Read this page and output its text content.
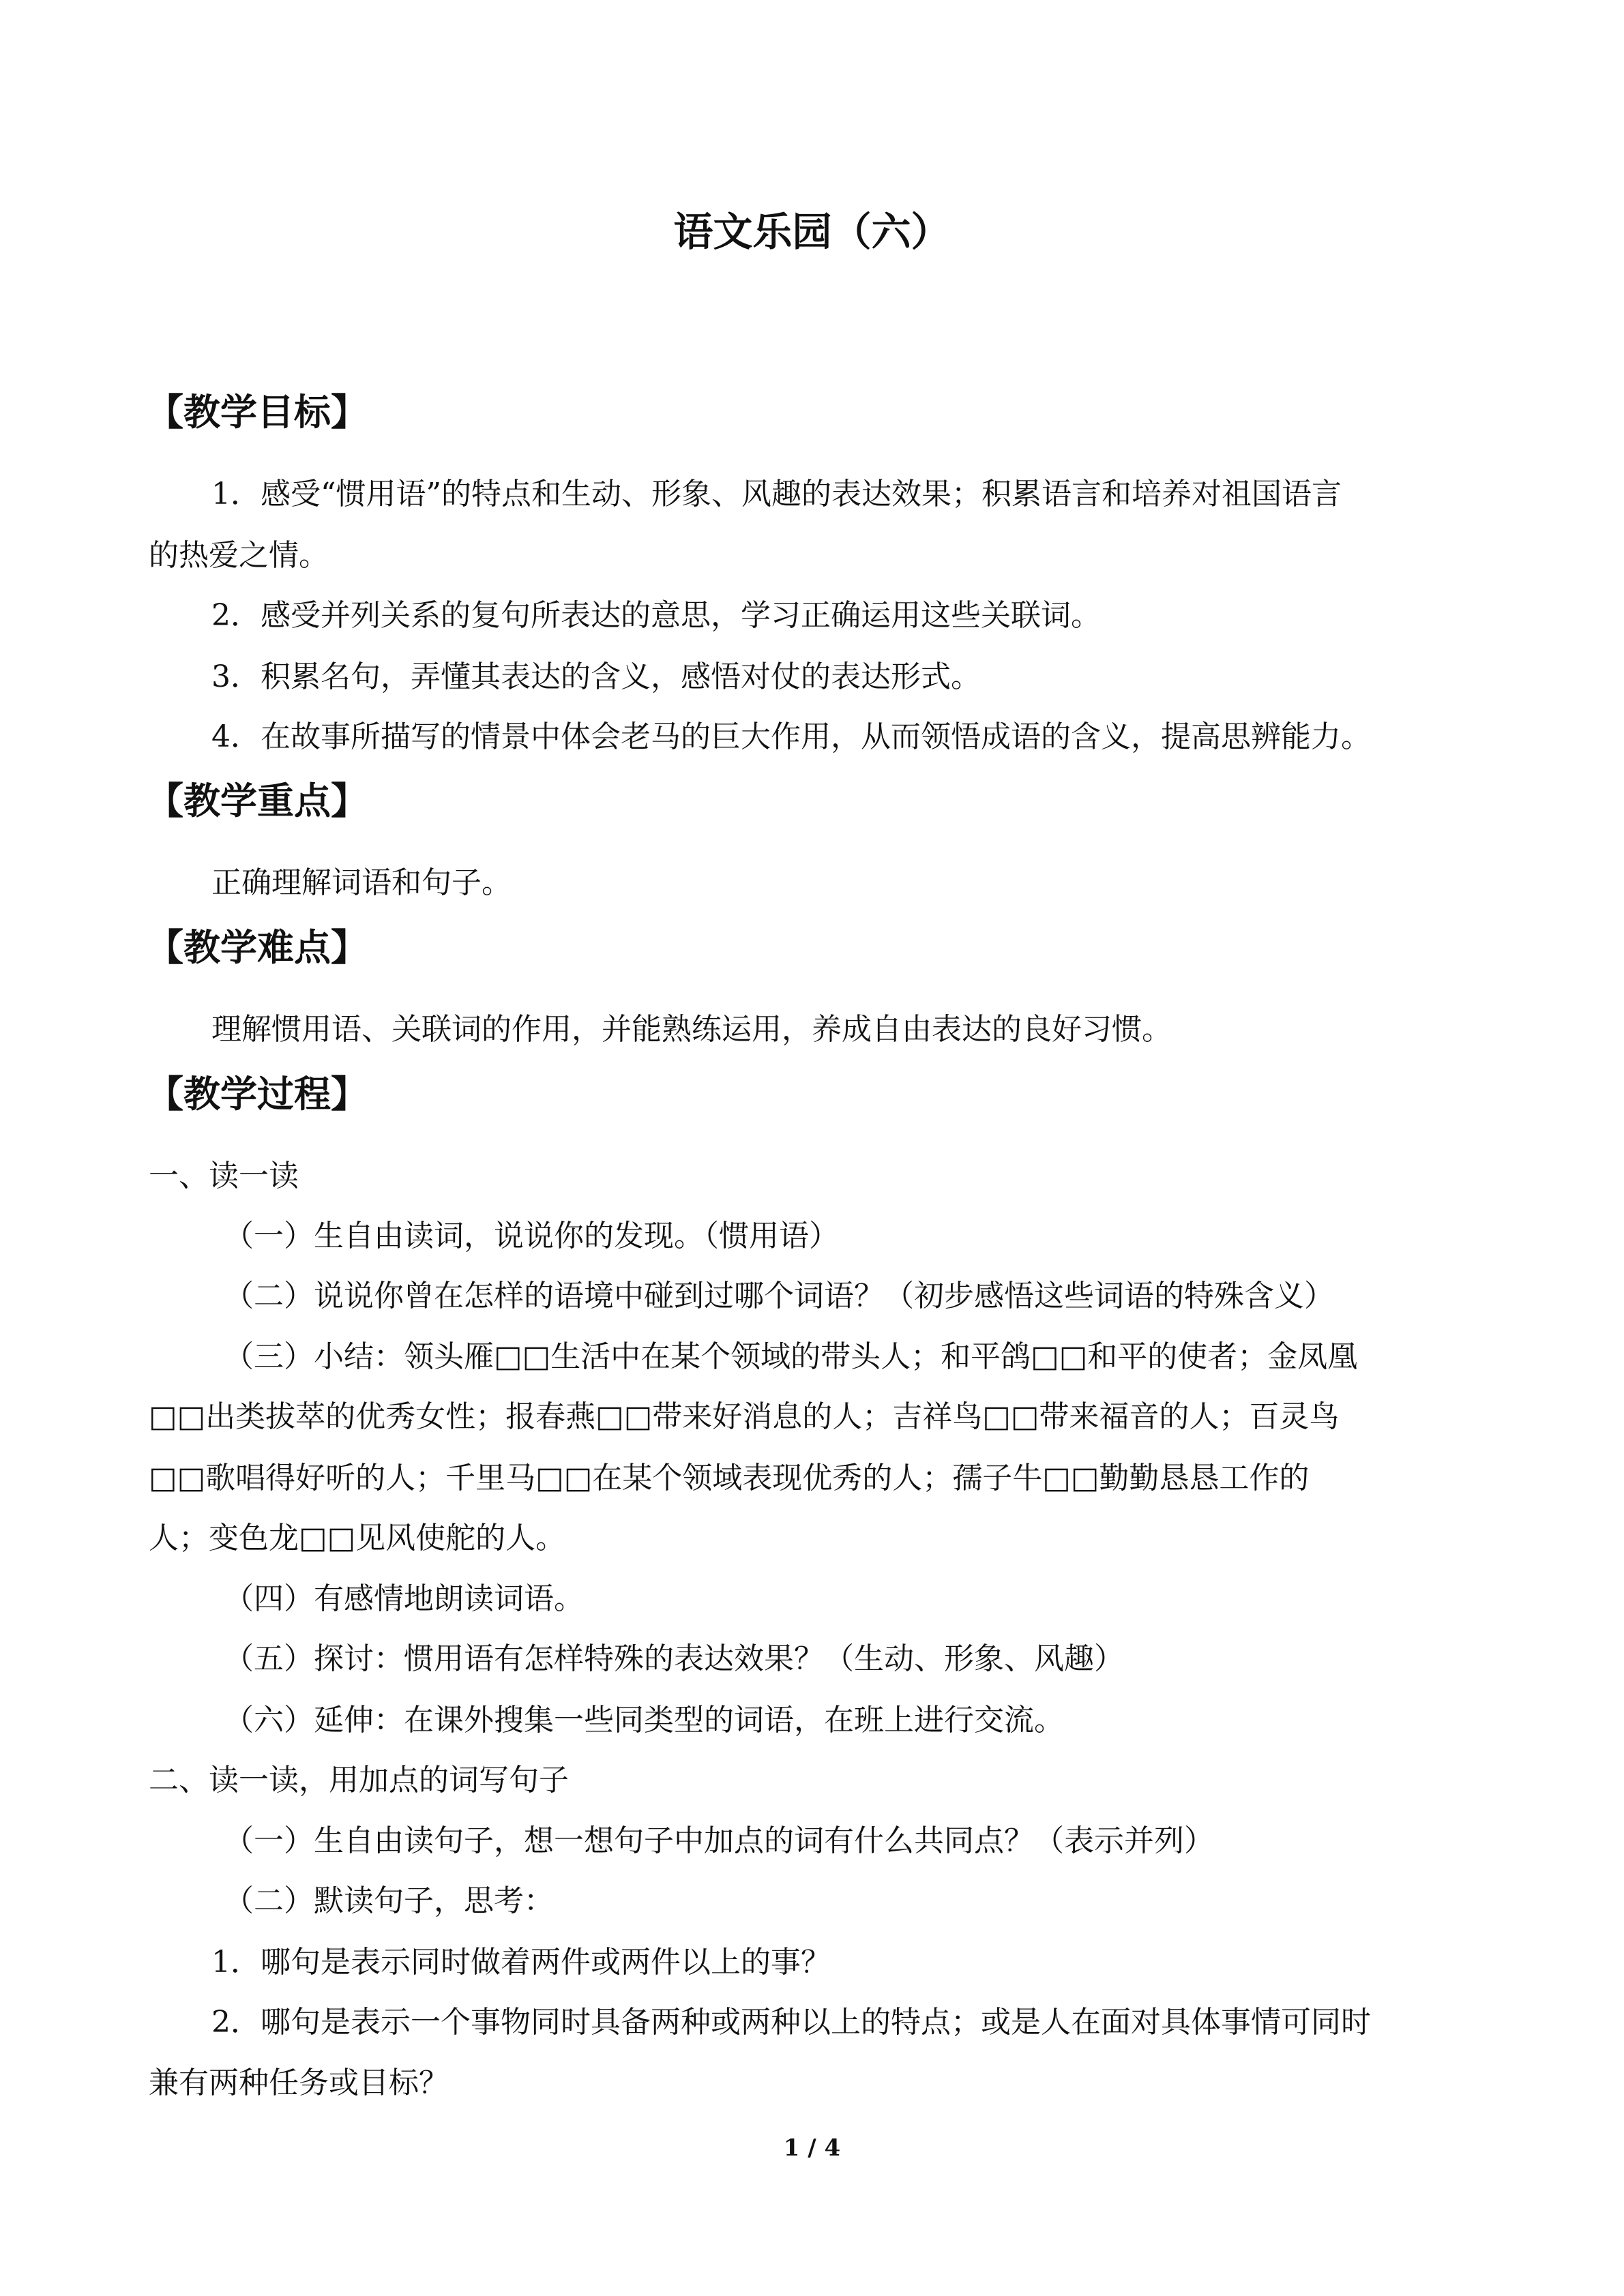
语文乐园（六）
【教学目标】
1．感受“惯用语”的特点和生动、形象、风趣的表达效果；积累语言和培养对祖国语言
的热爱之情。
2．感受并列关系的复句所表达的意思，学习正确运用这些关联词。
3．积累名句，弄懂其表达的含义，感悟对仗的表达形式。
4．在故事所描写的情景中体会老马的巨大作用，从而领悟成语的含义，提高思辨能力。
【教学重点】
正确理解词语和句子。
【教学难点】
理解惯用语、关联词的作用，并能熟练运用，养成自由表达的良好习惯。
【教学过程】
一、读一读
（一）生自由读词，说说你的发现。（惯用语）
（二）说说你曾在怎样的语境中碰到过哪个词语？（初步感悟这些词语的特殊含义）
（三）小结：领头雁□□生活中在某个领域的带头人；和平鸽□□和平的使者；金凤凰
□□出类拔萃的优秀女性；报春燕□□带来好消息的人；吉祥鸟□□带来福音的人；百灵鸟
□□歌唱得好听的人；千里马□□在某个领域表现优秀的人；孺子牛□□勤勤恳恳工作的
人；变色龙□□见风使舵的人。
（四）有感情地朗读词语。
（五）探讨：惯用语有怎样特殊的表达效果？（生动、形象、风趣）
（六）延伸：在课外搜集一些同类型的词语，在班上进行交流。
二、读一读，用加点的词写句子
（一）生自由读句子，想一想句子中加点的词有什么共同点？（表示并列）
（二）默读句子，思考：
1．哪句是表示同时做着两件或两件以上的事？
2．哪句是表示一个事物同时具备两种或两种以上的特点；或是人在面对具体事情可同时
兼有两种任务或目标？
1 / 4
